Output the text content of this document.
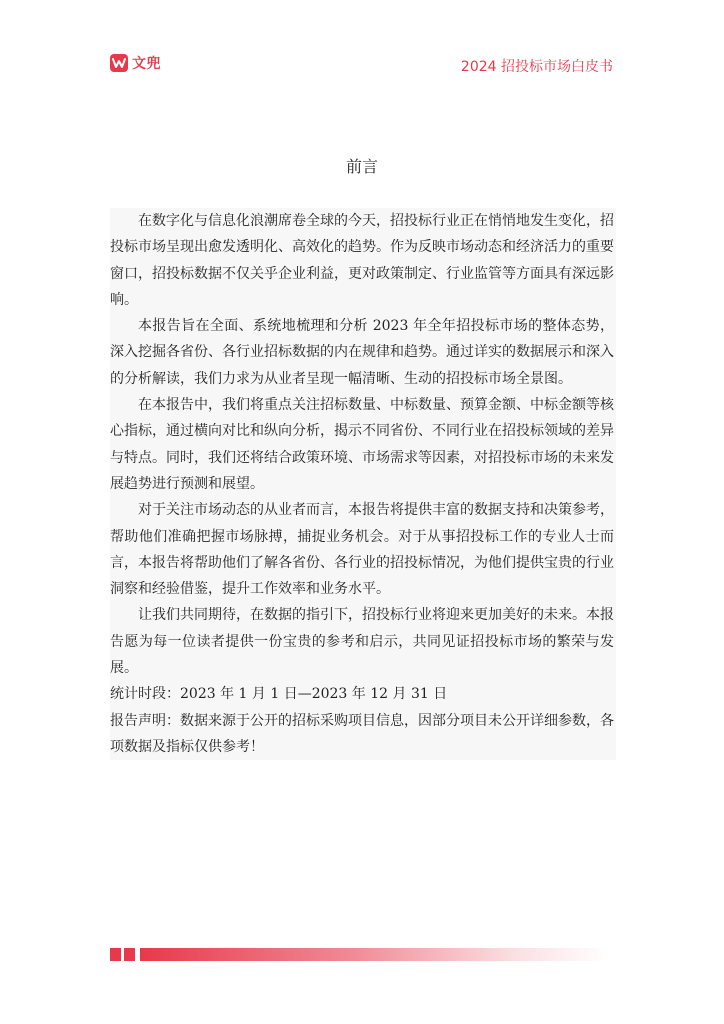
文兜	2024 招投标市场白皮书
前言

在数字化与信息化浪潮席卷全球的今天，招投标行业正在悄悄地发生变化，招投标市场呈现出愈发透明化、高效化的趋势。作为反映市场动态和经济活力的重要窗口，招投标数据不仅关乎企业利益，更对政策制定、行业监管等方面具有深远影响。

本报告旨在全面、系统地梳理和分析 2023 年全年招投标市场的整体态势，深入挖掘各省份、各行业招标数据的内在规律和趋势。通过详实的数据展示和深入的分析解读，我们力求为从业者呈现一幅清晰、生动的招投标市场全景图。

在本报告中，我们将重点关注招标数量、中标数量、预算金额、中标金额等核心指标，通过横向对比和纵向分析，揭示不同省份、不同行业在招投标领域的差异与特点。同时，我们还将结合政策环境、市场需求等因素，对招投标市场的未来发展趋势进行预测和展望。

对于关注市场动态的从业者而言，本报告将提供丰富的数据支持和决策参考，帮助他们准确把握市场脉搏，捕捉业务机会。对于从事招投标工作的专业人士而言，本报告将帮助他们了解各省份、各行业的招投标情况，为他们提供宝贵的行业洞察和经验借鉴，提升工作效率和业务水平。

让我们共同期待，在数据的指引下，招投标行业将迎来更加美好的未来。本报告愿为每一位读者提供一份宝贵的参考和启示，共同见证招投标市场的繁荣与发展。

统计时段：2023 年 1 月 1 日—2023 年 12 月 31 日

报告声明：数据来源于公开的招标采购项目信息，因部分项目未公开详细参数，各项数据及指标仅供参考！
